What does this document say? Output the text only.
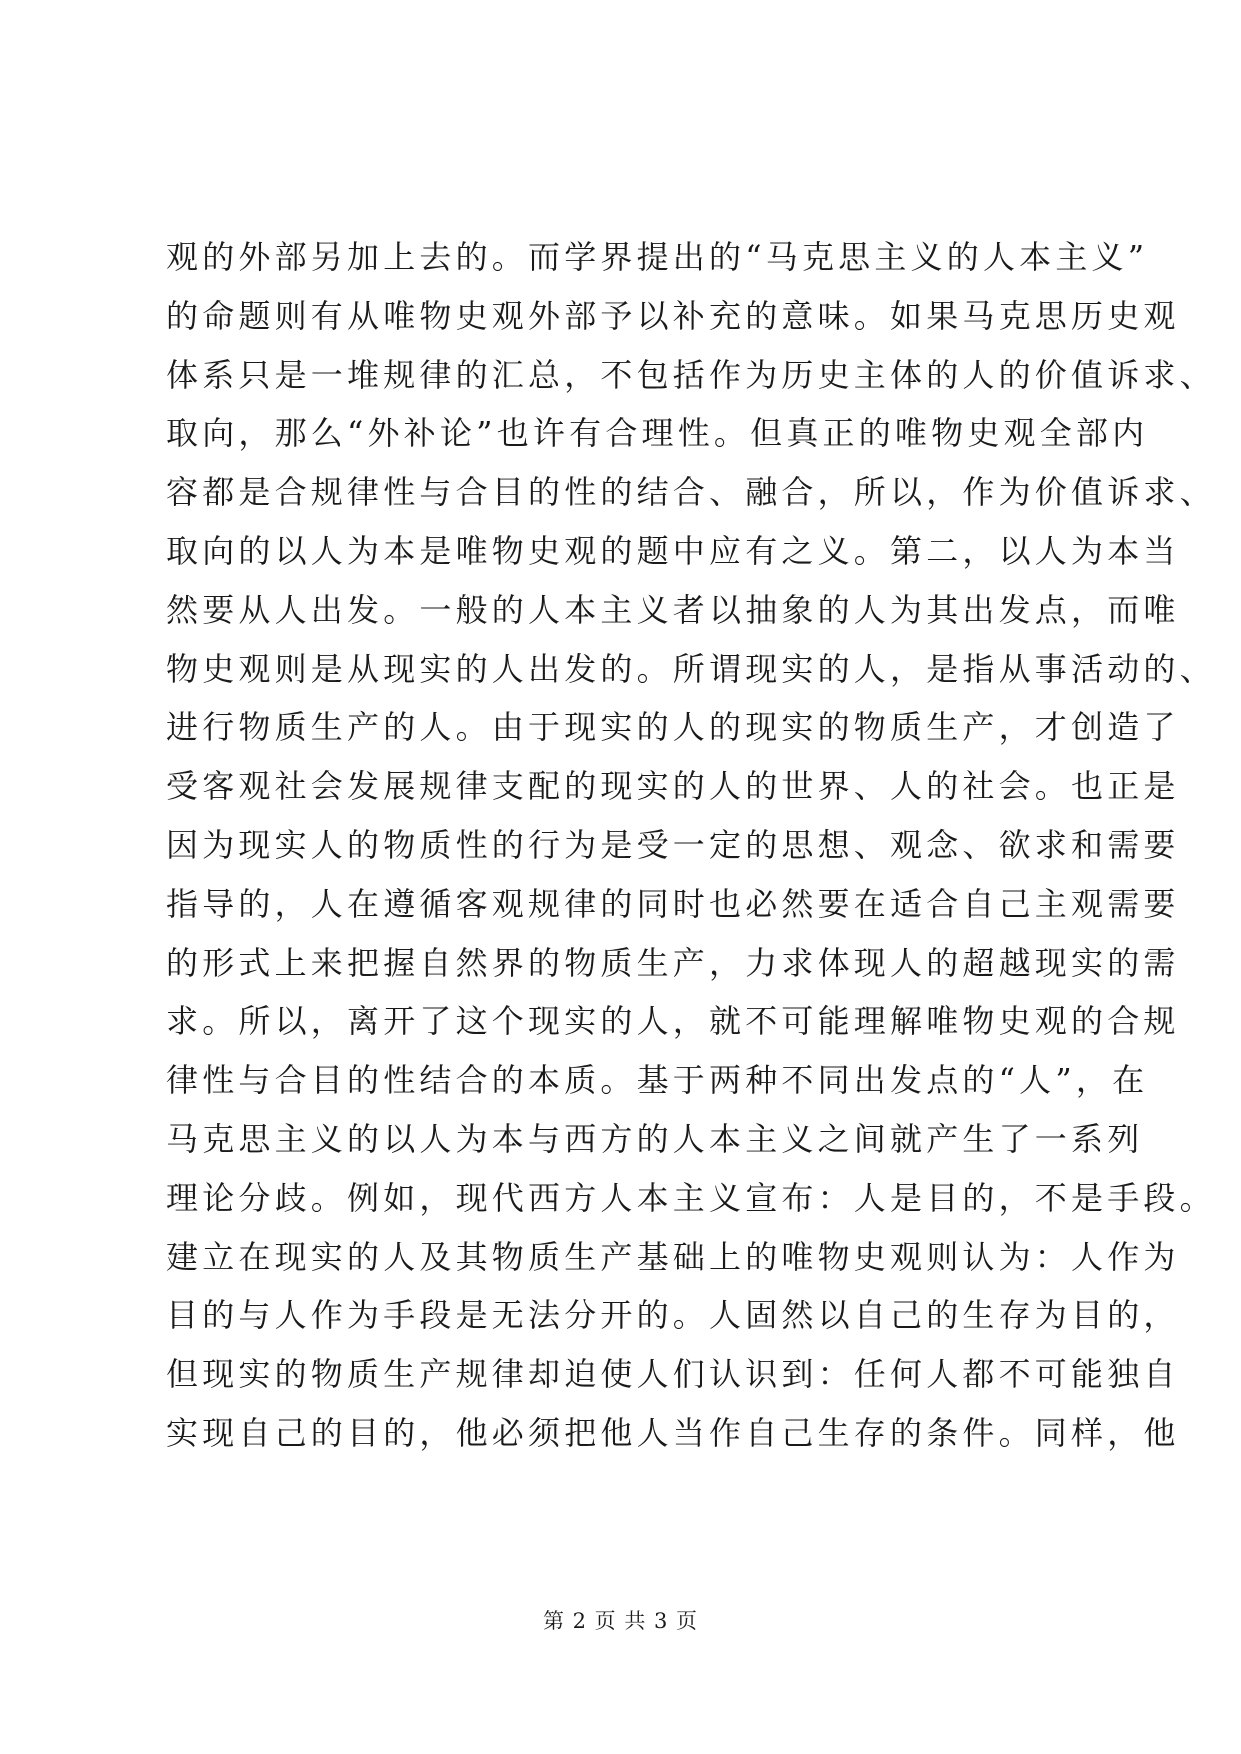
观的外部另加上去的。而学界提出的“马克思主义的人本主义”
的命题则有从唯物史观外部予以补充的意味。如果马克思历史观
体系只是一堆规律的汇总，不包括作为历史主体的人的价值诉求、
取向，那么“外补论”也许有合理性。但真正的唯物史观全部内
容都是合规律性与合目的性的结合、融合，所以，作为价值诉求、
取向的以人为本是唯物史观的题中应有之义。第二，以人为本当
然要从人出发。一般的人本主义者以抽象的人为其出发点，而唯
物史观则是从现实的人出发的。所谓现实的人，是指从事活动的、
进行物质生产的人。由于现实的人的现实的物质生产，才创造了
受客观社会发展规律支配的现实的人的世界、人的社会。也正是
因为现实人的物质性的行为是受一定的思想、观念、欲求和需要
指导的，人在遵循客观规律的同时也必然要在适合自己主观需要
的形式上来把握自然界的物质生产，力求体现人的超越现实的需
求。所以，离开了这个现实的人，就不可能理解唯物史观的合规
律性与合目的性结合的本质。基于两种不同出发点的“人”，在
马克思主义的以人为本与西方的人本主义之间就产生了一系列
理论分歧。例如，现代西方人本主义宣布：人是目的，不是手段。
建立在现实的人及其物质生产基础上的唯物史观则认为：人作为
目的与人作为手段是无法分开的。人固然以自己的生存为目的，
但现实的物质生产规律却迫使人们认识到：任何人都不可能独自
实现自己的目的，他必须把他人当作自己生存的条件。同样，他
第 2 页 共 3 页
